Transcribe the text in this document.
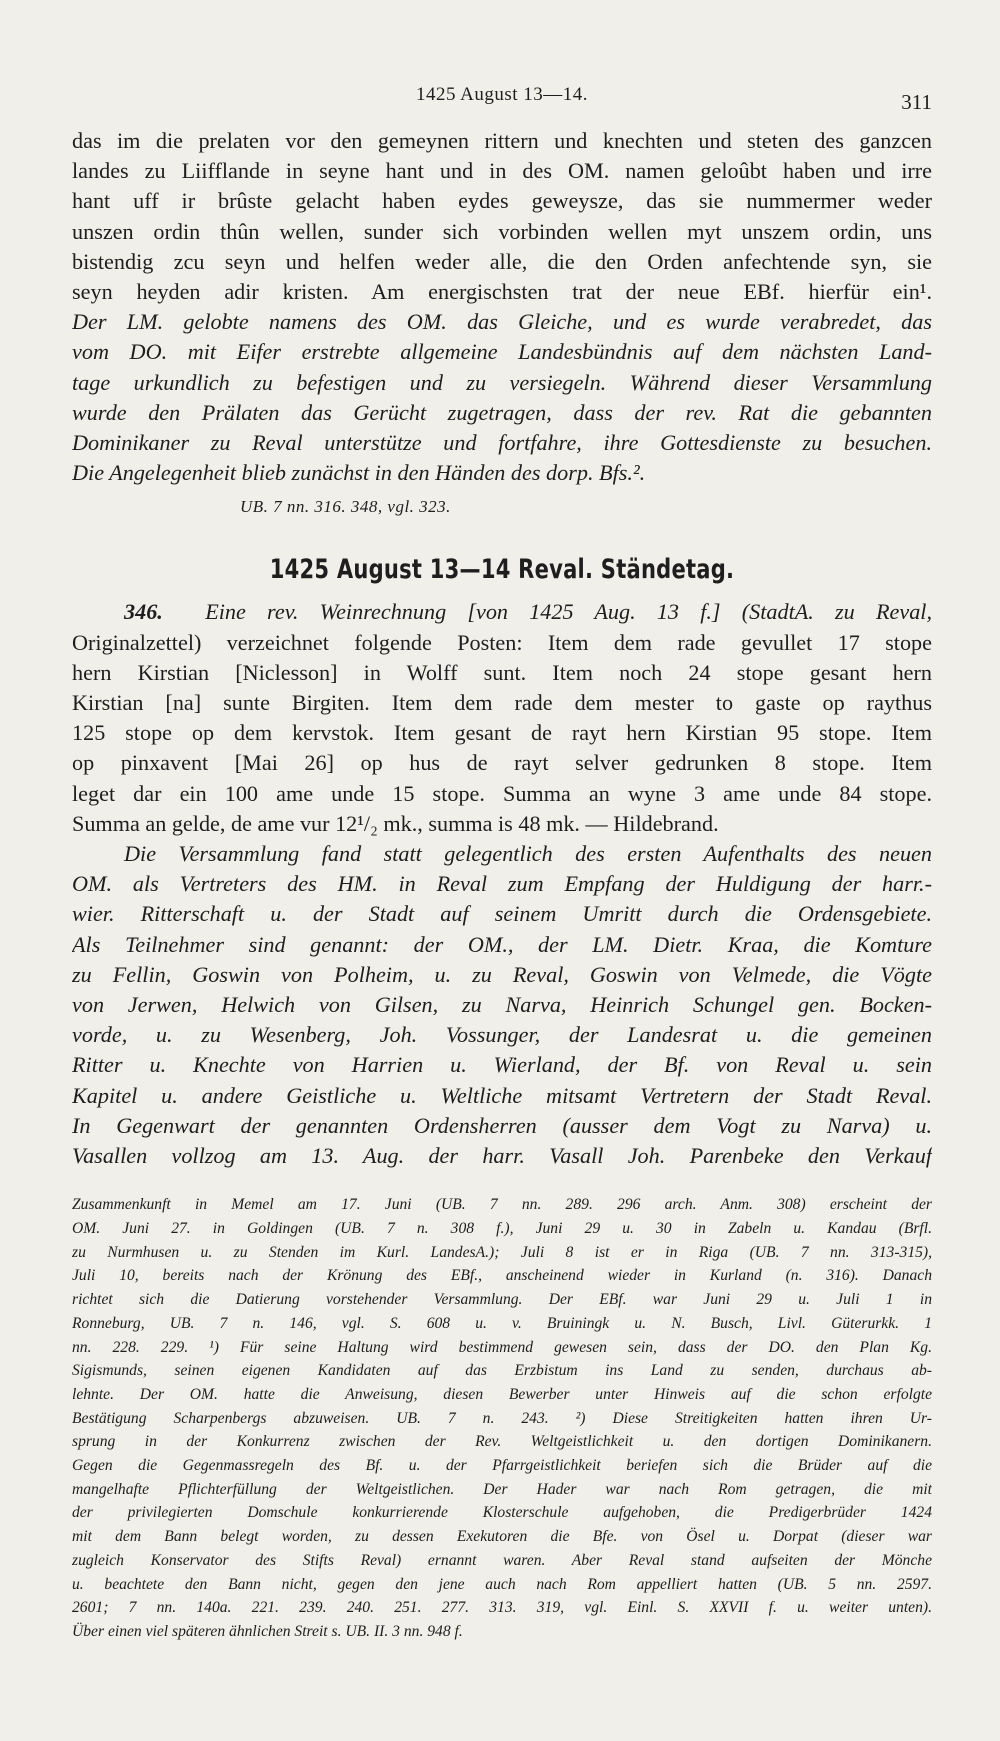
1425 August 13—14.	311
das im die prelaten vor den gemeynen rittern und knechten und steten des ganzcen
landes zu Liifflande in seyne hant und in des OM. namen geloûbt haben und irre
hant uff ir brûste gelacht haben eydes geweysze, das sie nummermer weder
unszen ordin thûn wellen, sunder sich vorbinden wellen myt unszem ordin, uns
bistendig zcu seyn und helfen weder alle, die den Orden anfechtende syn, sie
seyn heyden adir kristen. Am energischsten trat der neue EBf. hierfür ein¹.
Der LM. gelobte namens des OM. das Gleiche, und es wurde verabredet, das
vom DO. mit Eifer erstrebte allgemeine Landesbündnis auf dem nächsten Land-
tage urkundlich zu befestigen und zu versiegeln. Während dieser Versammlung
wurde den Prälaten das Gerücht zugetragen, dass der rev. Rat die gebannten
Dominikaner zu Reval unterstütze und fortfahre, ihre Gottesdienste zu besuchen.
Die Angelegenheit blieb zunächst in den Händen des dorp. Bfs.².
UB. 7 nn. 316. 348, vgl. 323.
1425 August 13—14 Reval. Ständetag.
346. Eine rev. Weinrechnung [von 1425 Aug. 13 f.] (StadtA. zu Reval,
Originalzettel) verzeichnet folgende Posten: Item dem rade gevullet 17 stope
hern Kirstian [Niclesson] in Wolff sunt. Item noch 24 stope gesant hern
Kirstian [na] sunte Birgiten. Item dem rade dem mester to gaste op raythus
125 stope op dem kervstok. Item gesant de rayt hern Kirstian 95 stope. Item
op pinxavent [Mai 26] op hus de rayt selver gedrunken 8 stope. Item
leget dar ein 100 ame unde 15 stope. Summa an wyne 3 ame unde 84 stope.
Summa an gelde, de ame vur 12¹/₂ mk., summa is 48 mk. — Hildebrand.
Die Versammlung fand statt gelegentlich des ersten Aufenthalts des neuen
OM. als Vertreters des HM. in Reval zum Empfang der Huldigung der harr.-
wier. Ritterschaft u. der Stadt auf seinem Umritt durch die Ordensgebiete.
Als Teilnehmer sind genannt: der OM., der LM. Dietr. Kraa, die Komture
zu Fellin, Goswin von Polheim, u. zu Reval, Goswin von Velmede, die Vögte
von Jerwen, Helwich von Gilsen, zu Narva, Heinrich Schungel gen. Bocken-
vorde, u. zu Wesenberg, Joh. Vossunger, der Landesrat u. die gemeinen
Ritter u. Knechte von Harrien u. Wierland, der Bf. von Reval u. sein
Kapitel u. andere Geistliche u. Weltliche mitsamt Vertretern der Stadt Reval.
In Gegenwart der genannten Ordensherren (ausser dem Vogt zu Narva) u.
Vasallen vollzog am 13. Aug. der harr. Vasall Joh. Parenbeke den Verkauf
Zusammenkunft in Memel am 17. Juni (UB. 7 nn. 289. 296 arch. Anm. 308) erscheint der
OM. Juni 27. in Goldingen (UB. 7 n. 308 f.), Juni 29 u. 30 in Zabeln u. Kandau (Brfl.
zu Nurmhusen u. zu Stenden im Kurl. LandesA.); Juli 8 ist er in Riga (UB. 7 nn. 313-315),
Juli 10, bereits nach der Krönung des EBf., anscheinend wieder in Kurland (n. 316). Danach
richtet sich die Datierung vorstehender Versammlung. Der EBf. war Juni 29 u. Juli 1 in
Ronneburg, UB. 7 n. 146, vgl. S. 608 u. v. Bruiningk u. N. Busch, Livl. Güterurkk. 1
nn. 228. 229. ¹) Für seine Haltung wird bestimmend gewesen sein, dass der DO. den Plan Kg.
Sigismunds, seinen eigenen Kandidaten auf das Erzbistum ins Land zu senden, durchaus ab-
lehnte. Der OM. hatte die Anweisung, diesen Bewerber unter Hinweis auf die schon erfolgte
Bestätigung Scharpenbergs abzuweisen. UB. 7 n. 243. ²) Diese Streitigkeiten hatten ihren Ur-
sprung in der Konkurrenz zwischen der Rev. Weltgeistlichkeit u. den dortigen Dominikanern.
Gegen die Gegenmassregeln des Bf. u. der Pfarrgeistlichkeit beriefen sich die Brüder auf die
mangelhafte Pflichterfüllung der Weltgeistlichen. Der Hader war nach Rom getragen, die mit
der privilegierten Domschule konkurrierende Klosterschule aufgehoben, die Predigerbrüder 1424
mit dem Bann belegt worden, zu dessen Exekutoren die Bfe. von Ösel u. Dorpat (dieser war
zugleich Konservator des Stifts Reval) ernannt waren. Aber Reval stand aufseiten der Mönche
u. beachtete den Bann nicht, gegen den jene auch nach Rom appelliert hatten (UB. 5 nn. 2597.
2601; 7 nn. 140a. 221. 239. 240. 251. 277. 313. 319, vgl. Einl. S. XXVII f. u. weiter unten).
Über einen viel späteren ähnlichen Streit s. UB. II. 3 nn. 948 f.
